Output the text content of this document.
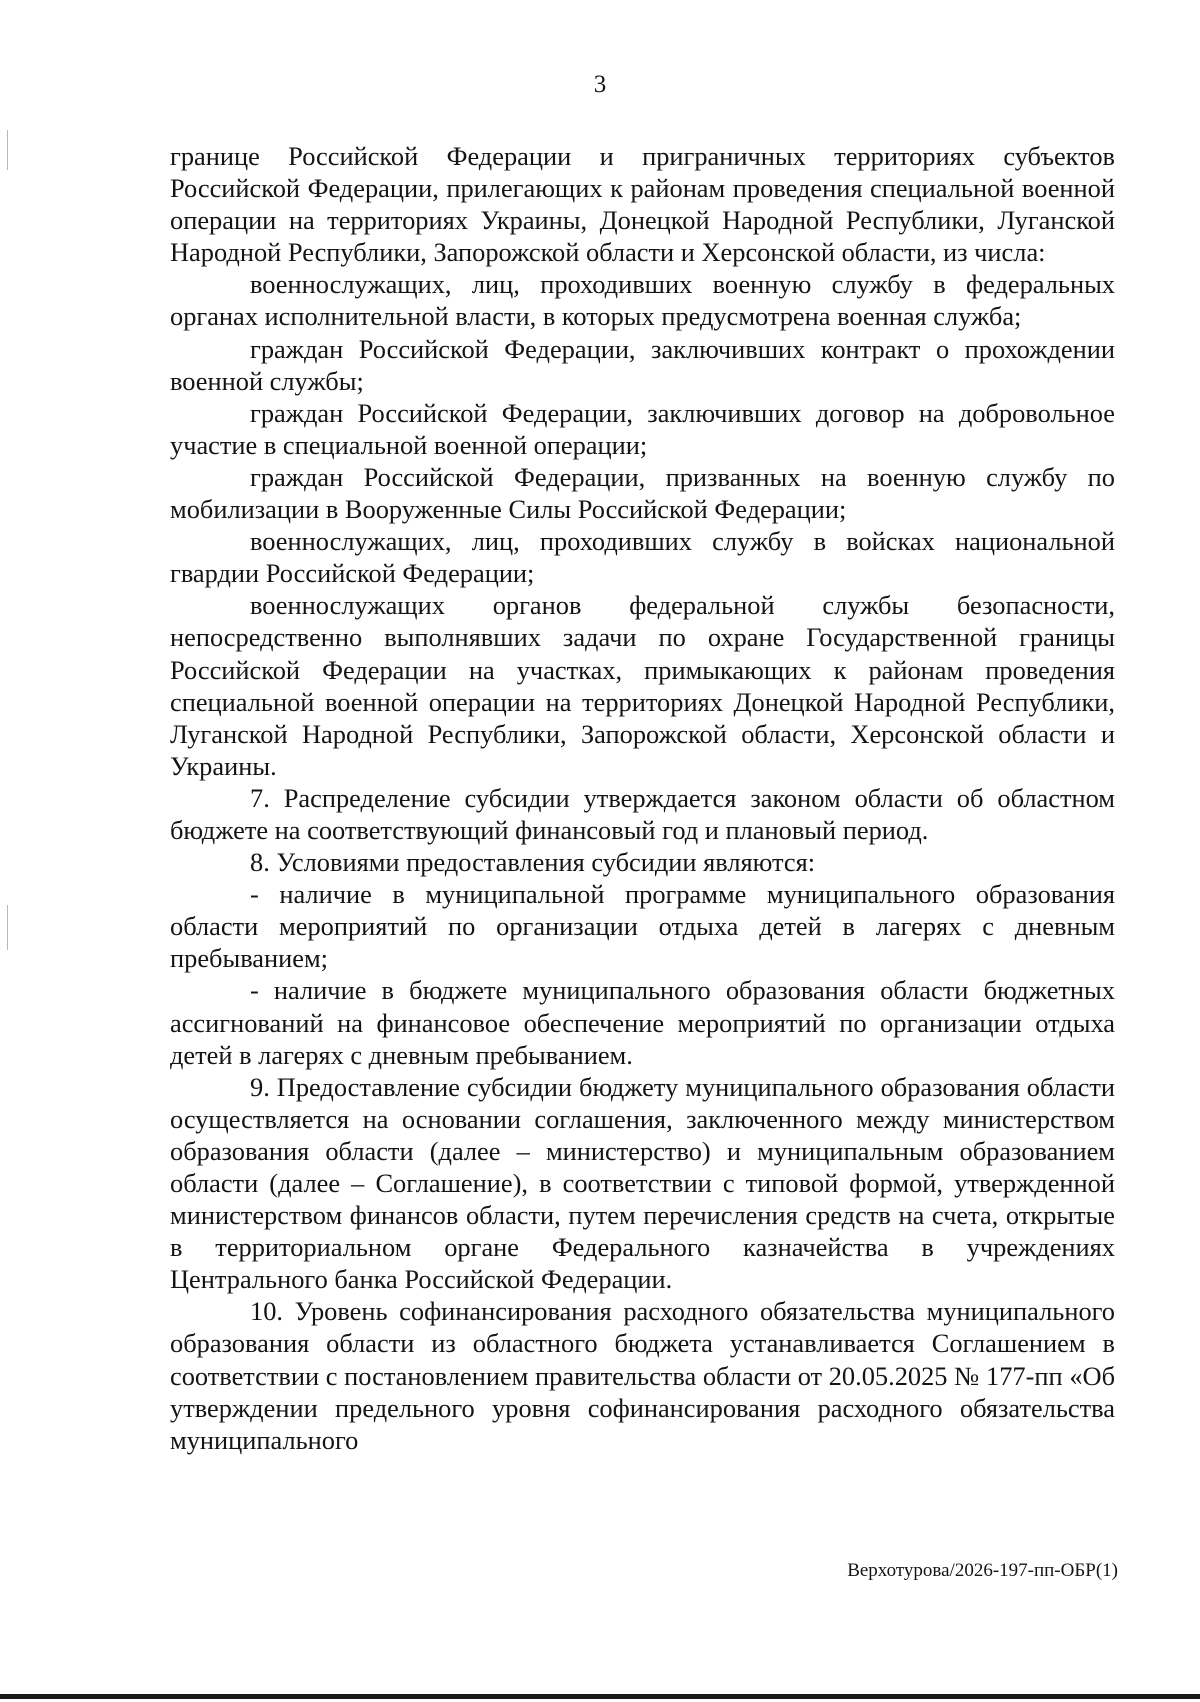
3

границе Российской Федерации и приграничных территориях субъектов Российской Федерации, прилегающих к районам проведения специальной военной операции на территориях Украины, Донецкой Народной Республики, Луганской Народной Республики, Запорожской области и Херсонской области, из числа:

военнослужащих, лиц, проходивших военную службу в федеральных органах исполнительной власти, в которых предусмотрена военная служба;

граждан Российской Федерации, заключивших контракт о прохождении военной службы;

граждан Российской Федерации, заключивших договор на добровольное участие в специальной военной операции;

граждан Российской Федерации, призванных на военную службу по мобилизации в Вооруженные Силы Российской Федерации;

военнослужащих, лиц, проходивших службу в войсках национальной гвардии Российской Федерации;

военнослужащих органов федеральной службы безопасности, непосредственно выполнявших задачи по охране Государственной границы Российской Федерации на участках, примыкающих к районам проведения специальной военной операции на территориях Донецкой Народной Республики, Луганской Народной Республики, Запорожской области, Херсонской области и Украины.

7. Распределение субсидии утверждается законом области об областном бюджете на соответствующий финансовый год и плановый период.

8. Условиями предоставления субсидии являются:

- наличие в муниципальной программе муниципального образования области мероприятий по организации отдыха детей в лагерях с дневным пребыванием;

- наличие в бюджете муниципального образования области бюджетных ассигнований на финансовое обеспечение мероприятий по организации отдыха детей в лагерях с дневным пребыванием.

9. Предоставление субсидии бюджету муниципального образования области осуществляется на основании соглашения, заключенного между министерством образования области (далее – министерство) и муниципальным образованием области (далее – Соглашение), в соответствии с типовой формой, утвержденной министерством финансов области, путем перечисления средств на счета, открытые в территориальном органе Федерального казначейства в учреждениях Центрального банка Российской Федерации.

10. Уровень софинансирования расходного обязательства муниципального образования области из областного бюджета устанавливается Соглашением в соответствии с постановлением правительства области от 20.05.2025 № 177-пп «Об утверждении предельного уровня софинансирования расходного обязательства муниципального

Верхотурова/2026-197-пп-ОБР(1)
